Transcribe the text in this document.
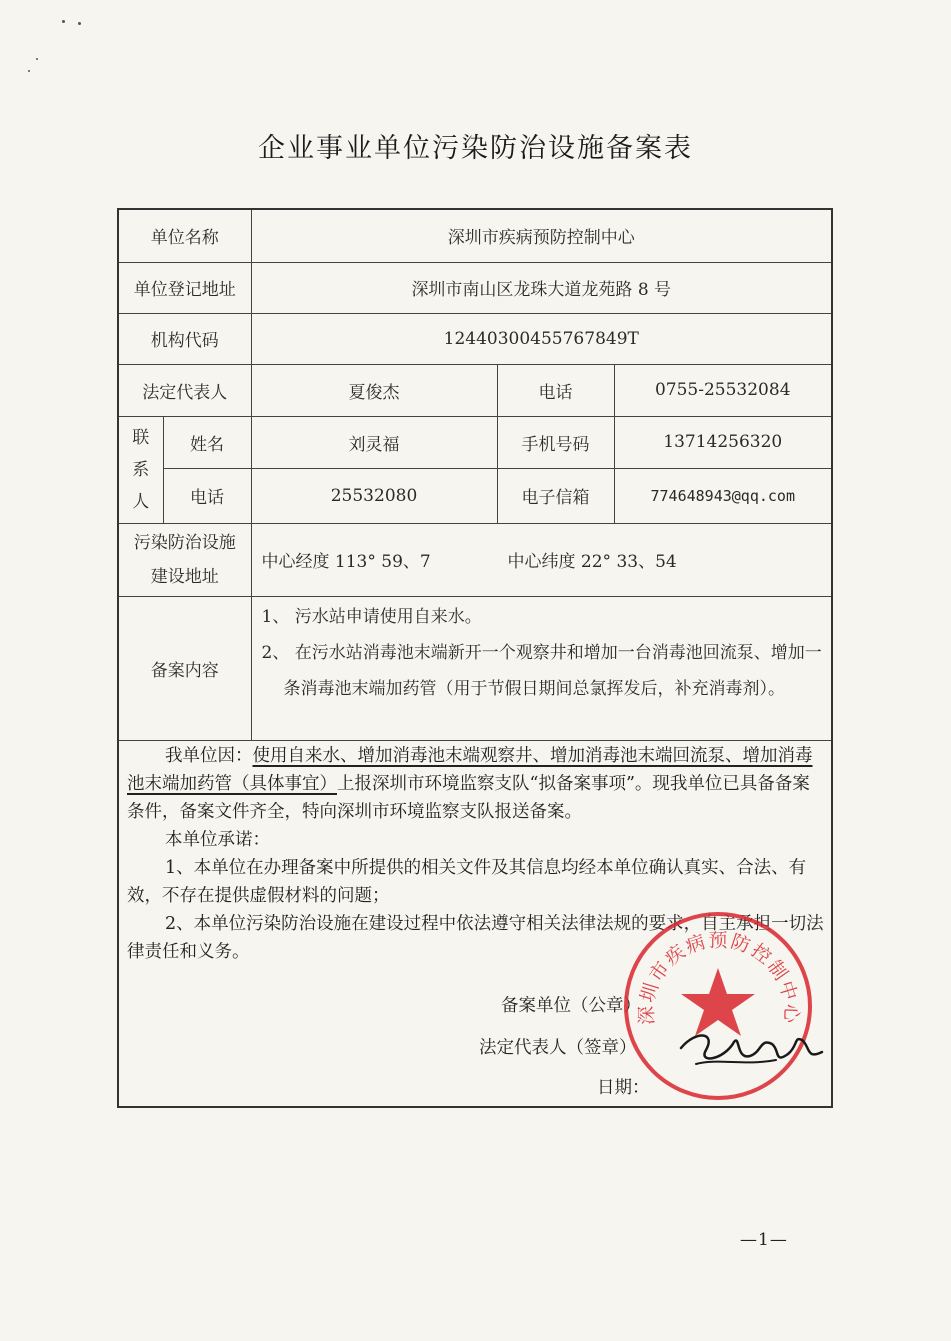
企业事业单位污染防治设施备案表
单位名称		深圳市疾病预防控制中心		
单位登记地址		深圳市南山区龙珠大道龙苑路 8 号		
机构代码		12440300455767849T		
法定代表人		夏俊杰	电话	0755-25532084

联
系
人	姓名	刘灵福	手机号码	13714256320
	电话	25532080	电子信箱	774648943@qq.com

污染防治设施
建设地址		中心经度 113° 59、7 中心纬度 22° 33、54		
备案内容		1、 污水站申请使用自来水。
2、 在污水站消毒池末端新开一个观察井和增加一台消毒池回流泵、增加一条消毒池末端加药管（用于节假日期间总氯挥发后，补充消毒剂）。		

我单位因：使用自来水、增加消毒池末端观察井、增加消毒池末端回流泵、增加消毒池末端加药管（具体事宜）上报深圳市环境监察支队“拟备案事项”。现我单位已具备备案条件，备案文件齐全，特向深圳市环境监察支队报送备案。

本单位承诺：

1、本单位在办理备案中所提供的相关文件及其信息均经本单位确认真实、合法、有效，不存在提供虚假材料的问题；

2、本单位污染防治设施在建设过程中依法遵守相关法律法规的要求，自主承担一切法律责任和义务。

备案单位（公章）
法定代表人（签章）
日期：
深圳市疾病预防控制中心
—1—
